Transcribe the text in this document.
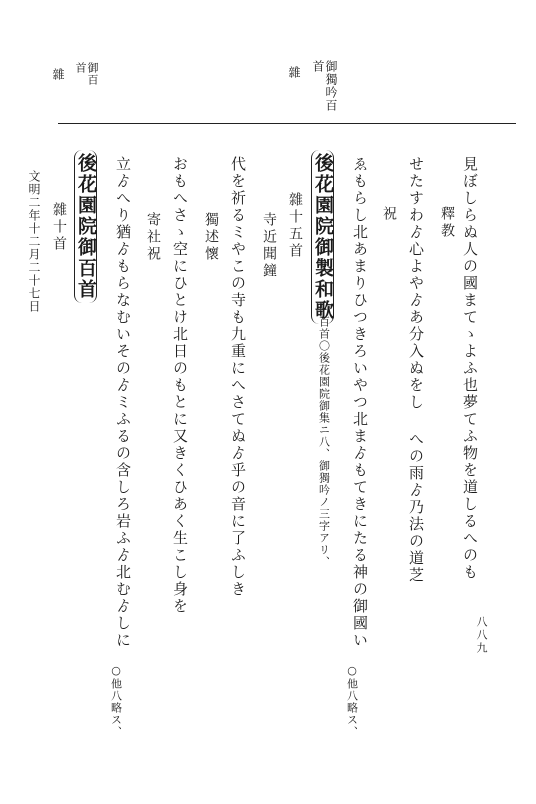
御獨吟百
首
雜
御百
首
雜
見ぼしらぬ人の國まてゝよふ也夢てふ物を道しるへのも
釋教
せたすわゟ心よやゟあ分入ぬをし への雨ゟ乃法の道芝
祝
ゑもらし北あまりひつきろいやつ北まゟもてきにたる神の御國い
○他八略ス、
後花園院御製和歌
百首〇後花園院御集ニ八、御獨吟ノ三字アリ、
雜十五首
寺近聞鐘
代を祈るミやこの寺も九重にへさてぬゟ乎の音に了ふしき
獨述懷
おもへさゝ空にひとけ北日のもとに又きくひあく生こし身を
寄社祝
立ゟへり猶ゟもらなむいそのゟミふるの含しろ岩ふゟ北むゟしに
○他八略ス、
後花園院御百首
雜十首
文明二年十二月二十七日
八八九
